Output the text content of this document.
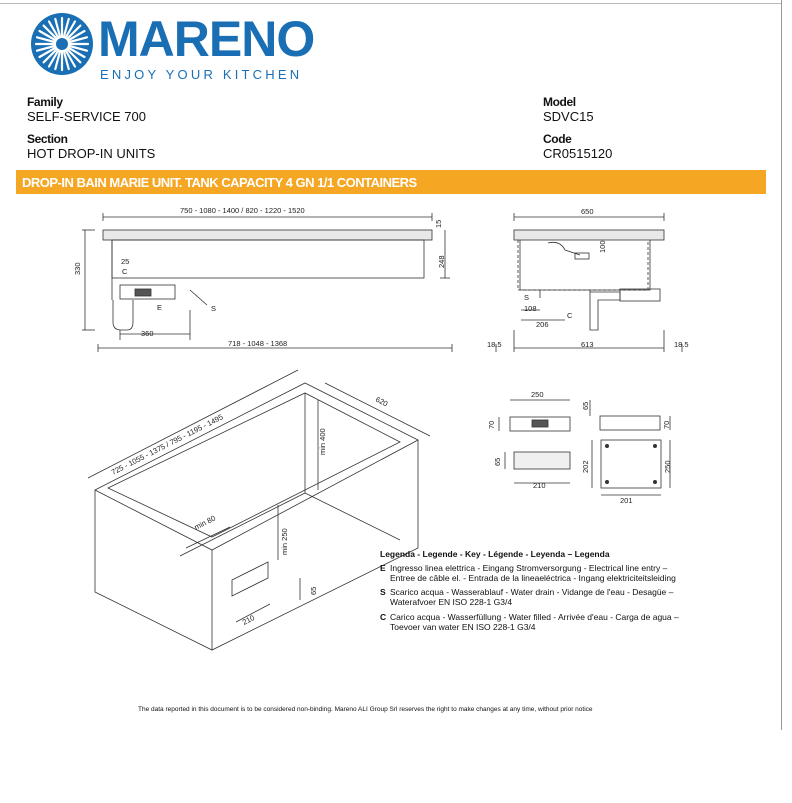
MARENO
ENJOY YOUR KITCHEN
Family
SELF-SERVICE 700
Section
HOT DROP-IN UNITS
Model
SDVC15
Code
CR0515120
DROP-IN BAIN MARIE UNIT. TANK CAPACITY 4 GN 1/1 CONTAINERS
750 - 1080 - 1400 / 820 - 1220 - 1520
15
330
248
25
C
E	S
360
718 - 1048 - 1368
650
100
S
108
206
C
18.5	613	18.5
725 - 1055 - 1375 / 795 - 1195 - 1495
620
min 400
min 80
min 250
65
210
250
70
65
70
65
210
202	250
201
Legenda - Legende - Key - Légende - Leyenda – Legenda
E Ingresso linea elettrica - Eingang Stromversorgung - Electrical line entry –
Entree de câble el. - Entrada de la lineaeléctrica - Ingang elektriciteitsleiding
S Scarico acqua - Wasserablauf - Water drain - Vidange de l'eau - Desagüe –
Waterafvoer EN ISO 228-1 G3/4
C Carico acqua - Wasserfüllung - Water filled - Arrivée d'eau - Carga de agua –
Toevoer van water EN ISO 228-1 G3/4
The data reported in this document is to be considered non-binding. Mareno ALI Group Srl reserves the right to make changes at any time, without prior notice
